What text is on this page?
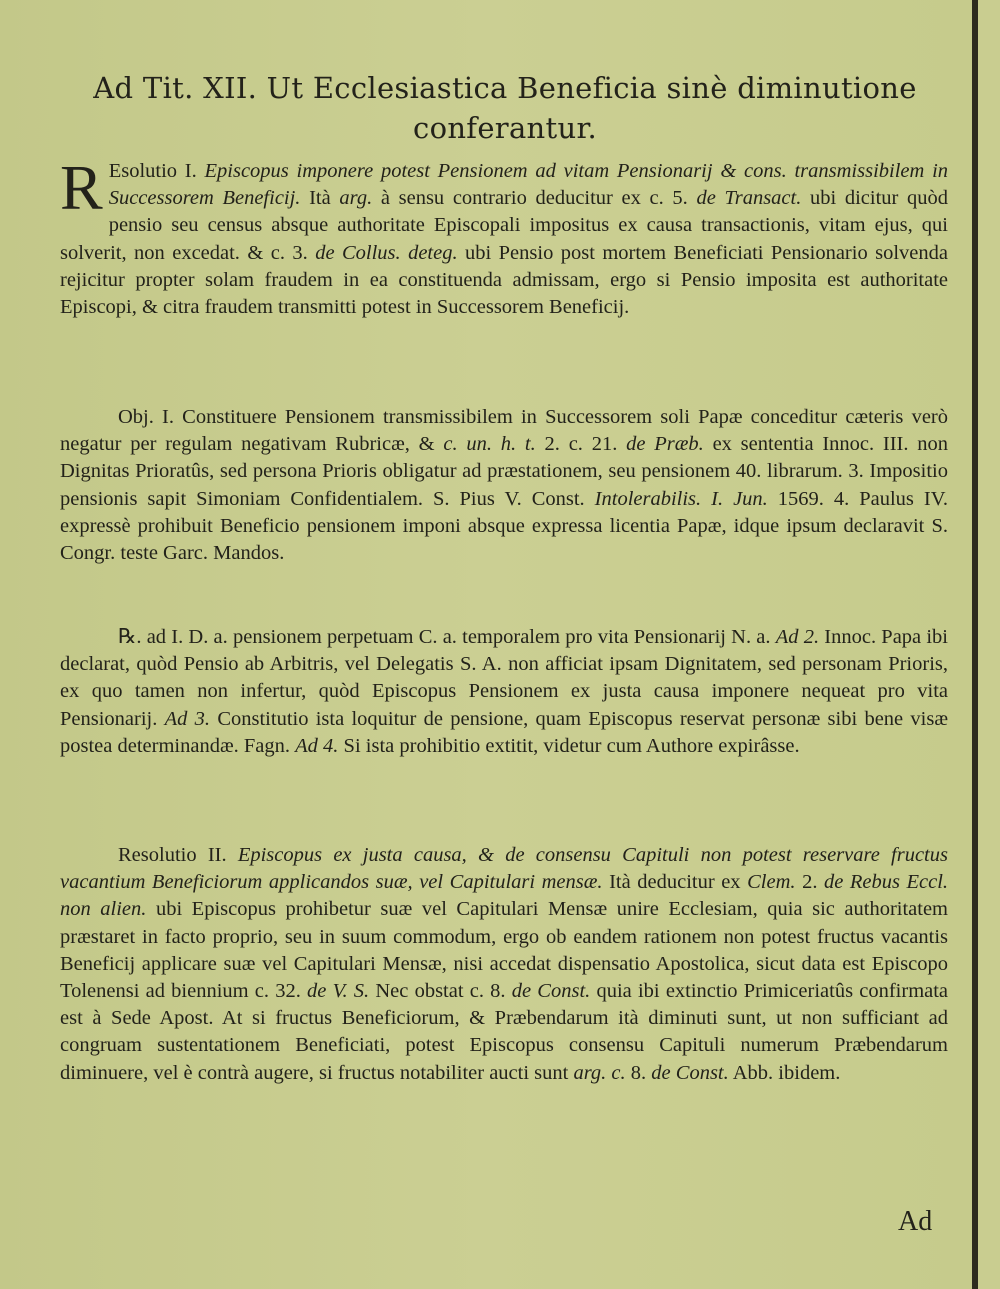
Ad Tit. XII. Ut Ecclesiastica Beneficia sinè diminutione
conferantur.
R Esolutio I. Episcopus imponere potest Pensionem ad vitam Pensionarij & cons. transmissibilem in Successorem Beneficij. Ità arg. à sensu contrario deducitur ex c. 5. de Transact. ubi dicitur quòd pensio seu census absque authoritate Episcopali impositus ex causa transactionis, vitam ejus, qui solverit, non excedat. & c. 3. de Collus. deteg. ubi Pensio post mortem Beneficiati Pensionario solvenda rejicitur propter solam fraudem in ea constituenda admissam, ergo si Pensio imposita est authoritate Episcopi, & citra fraudem transmitti potest in Successorem Beneficij.
Obj. I. Constituere Pensionem transmissibilem in Successorem soli Papæ conceditur cæteris verò negatur per regulam negativam Rubricæ, & c. un. h. t. 2. c. 21. de Præb. ex sententia Innoc. III. non Dignitas Prioratûs, sed persona Prioris obligatur ad præstationem, seu pensionem 40. librarum. 3. Impositio pensionis sapit Simoniam Confidentialem. S. Pius V. Const. Intolerabilis. I. Jun. 1569. 4. Paulus IV. expressè prohibuit Beneficio pensionem imponi absque expressa licentia Papæ, idque ipsum declaravit S. Congr. teste Garc. Mandos.
℞. ad I. D. a. pensionem perpetuam C. a. temporalem pro vita Pensionarij N. a. Ad 2. Innoc. Papa ibi declarat, quòd Pensio ab Arbitris, vel Delegatis S. A. non afficiat ipsam Dignitatem, sed personam Prioris, ex quo tamen non infertur, quòd Episcopus Pensionem ex justa causa imponere nequeat pro vita Pensionarij. Ad 3. Constitutio ista loquitur de pensione, quam Episcopus reservat personæ sibi bene visæ postea determinandæ. Fagn. Ad 4. Si ista prohibitio extitit, videtur cum Authore expirâsse.
Resolutio II. Episcopus ex justa causa, & de consensu Capituli non potest reservare fructus vacantium Beneficiorum applicandos suæ, vel Capitulari mensæ. Ità deducitur ex Clem. 2. de Rebus Eccl. non alien. ubi Episcopus prohibetur suæ vel Capitulari Mensæ unire Ecclesiam, quia sic authoritatem præstaret in facto proprio, seu in suum commodum, ergo ob eandem rationem non potest fructus vacantis Beneficij applicare suæ vel Capitulari Mensæ, nisi accedat dispensatio Apostolica, sicut data est Episcopo Tolenensi ad biennium c. 32. de V. S. Nec obstat c. 8. de Const. quia ibi extinctio Primiceriatûs confirmata est à Sede Apost. At si fructus Beneficiorum, & Præbendarum ità diminuti sunt, ut non sufficiant ad congruam sustentationem Beneficiati, potest Episcopus consensu Capituli numerum Præbendarum diminuere, vel è contrà augere, si fructus notabiliter aucti sunt arg. c. 8. de Const. Abb. ibidem.
Ad
